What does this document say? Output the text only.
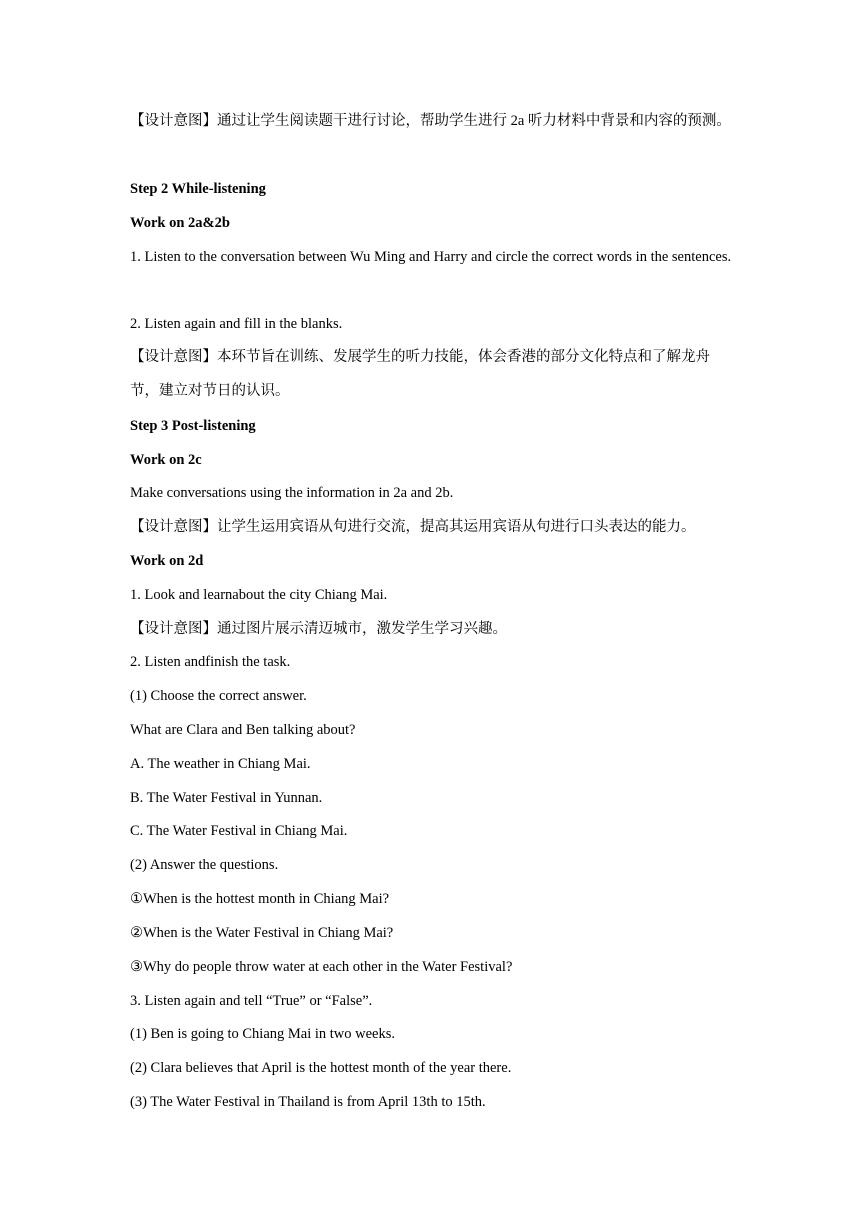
【设计意图】通过让学生阅读题干进行讨论，帮助学生进行 2a 听力材料中背景和内容的预测。
Step 2 While-listening
Work on 2a&2b
1. Listen to the conversation between Wu Ming and Harry and circle the correct words in the sentences.
2. Listen again and fill in the blanks.
【设计意图】本环节旨在训练、发展学生的听力技能，体会香港的部分文化特点和了解龙舟节，建立对节日的认识。
Step 3 Post-listening
Work on 2c
Make conversations using the information in 2a and 2b.
【设计意图】让学生运用宾语从句进行交流，提高其运用宾语从句进行口头表达的能力。
Work on 2d
1. Look and learnabout the city Chiang Mai.
【设计意图】通过图片展示清迈城市，激发学生学习兴趣。
2. Listen andfinish the task.
(1) Choose the correct answer.
What are Clara and Ben talking about?
A. The weather in Chiang Mai.
B. The Water Festival in Yunnan.
C. The Water Festival in Chiang Mai.
(2) Answer the questions.
①When is the hottest month in Chiang Mai?
②When is the Water Festival in Chiang Mai?
③Why do people throw water at each other in the Water Festival?
3. Listen again and tell “True” or “False”.
(1) Ben is going to Chiang Mai in two weeks.
(2) Clara believes that April is the hottest month of the year there.
(3) The Water Festival in Thailand is from April 13th to 15th.
